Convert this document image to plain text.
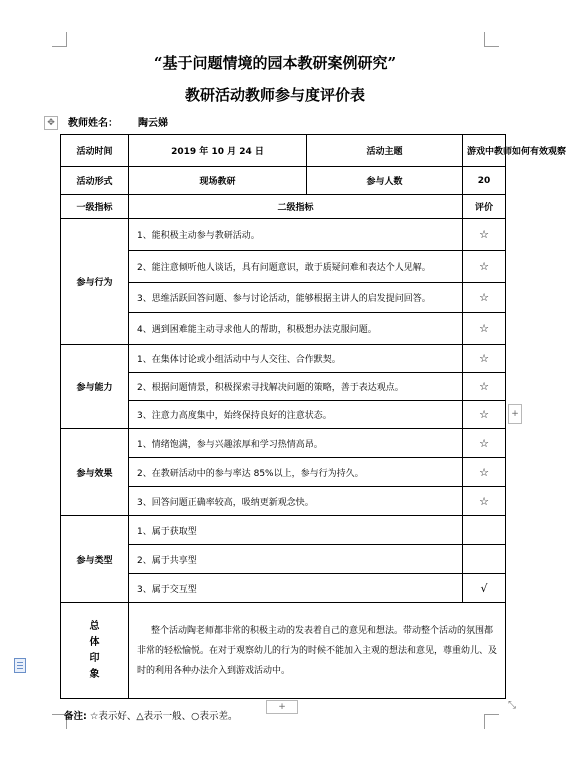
“基于问题情境的园本教研案例研究”
教研活动教师参与度评价表
✥	教师姓名： 陶云娣
活动时间	2019 年 10 月 24 日	活动主题	游戏中教师如何有效观察
活动形式	现场教研	参与人数	20
一级指标	二级指标		评价
参与行为	1、能积极主动参与教研活动。		☆
	2、能注意倾听他人谈话，具有问题意识，敢于质疑问难和表达个人见解。		☆
	3、思维活跃回答问题、参与讨论活动，能够根据主讲人的启发提问回答。		☆
	4、遇到困难能主动寻求他人的帮助，积极想办法克服问题。		☆
参与能力	1、在集体讨论或小组活动中与人交往、合作默契。		☆
	2、根据问题情景，积极探索寻找解决问题的策略，善于表达观点。		☆
	3、注意力高度集中，始终保持良好的注意状态。		☆
参与效果	1、情绪饱满，参与兴趣浓厚和学习热情高昂。		☆
	2、在教研活动中的参与率达 85%以上，参与行为持久。		☆
	3、回答问题正确率较高，吸纳更新观念快。		☆
参与类型	1、属于获取型		
	2、属于共享型		
	3、属于交互型		√

总
体
印
象	整个活动陶老师都非常的积极主动的发表着自己的意见和想法。带动整个活动的氛围都非常的轻松愉悦。在对于观察幼儿的行为的时候不能加入主观的想法和意见，尊重幼儿、及时的利用各种办法介入到游戏活动中。		
+
+	⤡
备注: ☆表示好、△表示一般、○表示差。
